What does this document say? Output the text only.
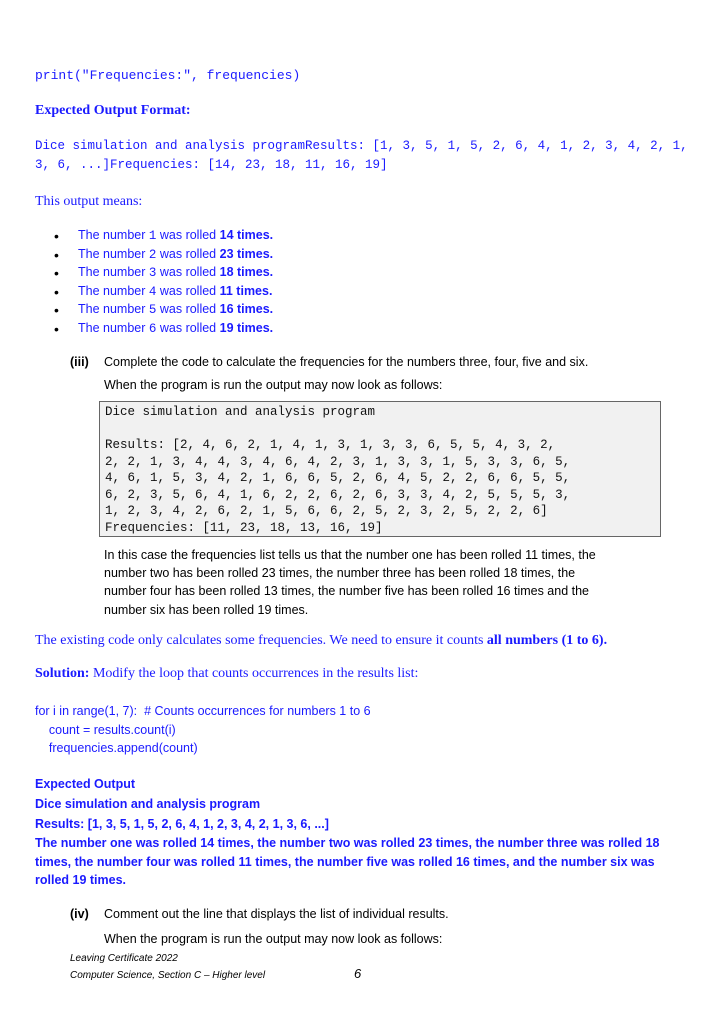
print("Frequencies:", frequencies)
Expected Output Format:
Dice simulation and analysis programResults: [1, 3, 5, 1, 5, 2, 6, 4, 1, 2, 3, 4, 2, 1,
3, 6, ...]Frequencies: [14, 23, 18, 11, 16, 19]
This output means:
• The number 1 was rolled 14 times.
• The number 2 was rolled 23 times.
• The number 3 was rolled 18 times.
• The number 4 was rolled 11 times.
• The number 5 was rolled 16 times.
• The number 6 was rolled 19 times.
(iii) Complete the code to calculate the frequencies for the numbers three, four, five and six.
When the program is run the output may now look as follows:
Dice simulation and analysis program
Results: [2, 4, 6, 2, 1, 4, 1, 3, 1, 3, 3, 6, 5, 5, 4, 3, 2,
2, 2, 1, 3, 4, 4, 3, 4, 6, 4, 2, 3, 1, 3, 3, 1, 5, 3, 3, 6, 5,
4, 6, 1, 5, 3, 4, 2, 1, 6, 6, 5, 2, 6, 4, 5, 2, 2, 6, 6, 5, 5,
6, 2, 3, 5, 6, 4, 1, 6, 2, 2, 6, 2, 6, 3, 3, 4, 2, 5, 5, 5, 3,
1, 2, 3, 4, 2, 6, 2, 1, 5, 6, 6, 2, 5, 2, 3, 2, 5, 2, 2, 6]
Frequencies: [11, 23, 18, 13, 16, 19]
In this case the frequencies list tells us that the number one has been rolled 11 times, the
number two has been rolled 23 times, the number three has been rolled 18 times, the
number four has been rolled 13 times, the number five has been rolled 16 times and the
number six has been rolled 19 times.
The existing code only calculates some frequencies. We need to ensure it counts all numbers (1 to 6).
Solution: Modify the loop that counts occurrences in the results list:
for i in range(1, 7):  # Counts occurrences for numbers 1 to 6
count = results.count(i)
frequencies.append(count)
Expected Output
Dice simulation and analysis program
Results: [1, 3, 5, 1, 5, 2, 6, 4, 1, 2, 3, 4, 2, 1, 3, 6, ...]
The number one was rolled 14 times, the number two was rolled 23 times, the number three was rolled 18 times, the number four was rolled 11 times, the number five was rolled 16 times, and the number six was rolled 19 times.
(iv) Comment out the line that displays the list of individual results.
When the program is run the output may now look as follows:
Leaving Certificate 2022
Computer Science, Section C – Higher level	6
